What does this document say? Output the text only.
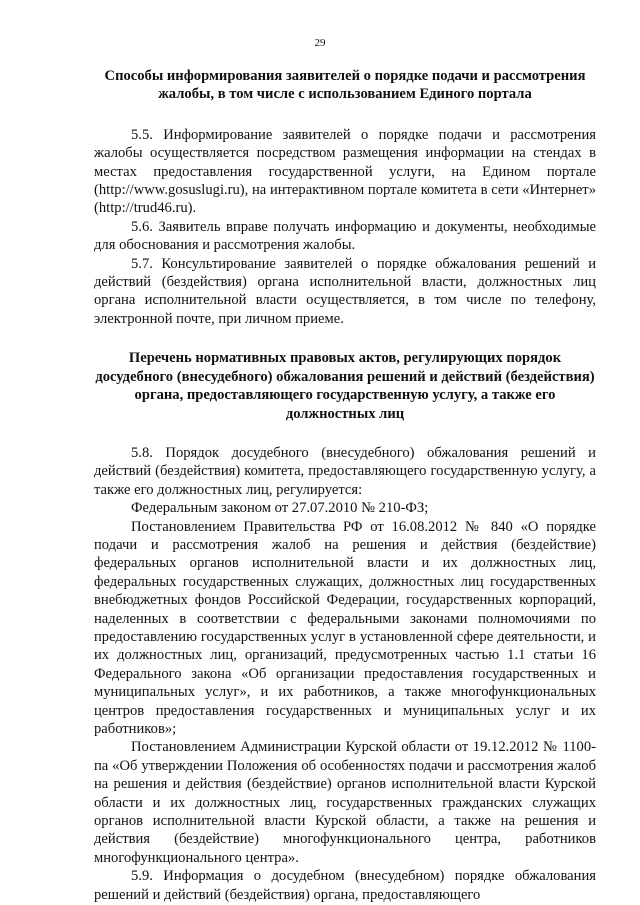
29

Способы информирования заявителей о порядке подачи и рассмотрения жалобы, в том числе с использованием Единого портала

5.5. Информирование заявителей о порядке подачи и рассмотрения жалобы осуществляется посредством размещения информации на стендах в местах предоставления государственной услуги, на Едином портале (http://www.gosuslugi.ru), на интерактивном портале комитета в сети «Интернет» (http://trud46.ru).

5.6. Заявитель вправе получать информацию и документы, необходимые для обоснования и рассмотрения жалобы.

5.7. Консультирование заявителей о порядке обжалования решений и действий (бездействия) органа исполнительной власти, должностных лиц органа исполнительной власти осуществляется, в том числе по телефону, электронной почте, при личном приеме.

Перечень нормативных правовых актов, регулирующих порядок досудебного (внесудебного) обжалования решений и действий (бездействия) органа, предоставляющего государственную услугу, а также его должностных лиц

5.8. Порядок досудебного (внесудебного) обжалования решений и действий (бездействия) комитета, предоставляющего государственную услугу, а также его должностных лиц, регулируется:

Федеральным законом от 27.07.2010 № 210-ФЗ;

Постановлением Правительства РФ от 16.08.2012 № 840 «О порядке подачи и рассмотрения жалоб на решения и действия (бездействие) федеральных органов исполнительной власти и их должностных лиц, федеральных государственных служащих, должностных лиц государственных внебюджетных фондов Российской Федерации, государственных корпораций, наделенных в соответствии с федеральными законами полномочиями по предоставлению государственных услуг в установленной сфере деятельности, и их должностных лиц, организаций, предусмотренных частью 1.1 статьи 16 Федерального закона «Об организации предоставления государственных и муниципальных услуг», и их работников, а также многофункциональных центров предоставления государственных и муниципальных услуг и их работников»;

Постановлением Администрации Курской области от 19.12.2012 № 1100-па «Об утверждении Положения об особенностях подачи и рассмотрения жалоб на решения и действия (бездействие) органов исполнительной власти Курской области и их должностных лиц, государственных гражданских служащих органов исполнительной власти Курской области, а также на решения и действия (бездействие) многофункционального центра, работников многофункционального центра».

5.9. Информация о досудебном (внесудебном) порядке обжалования решений и действий (бездействия) органа, предоставляющего
